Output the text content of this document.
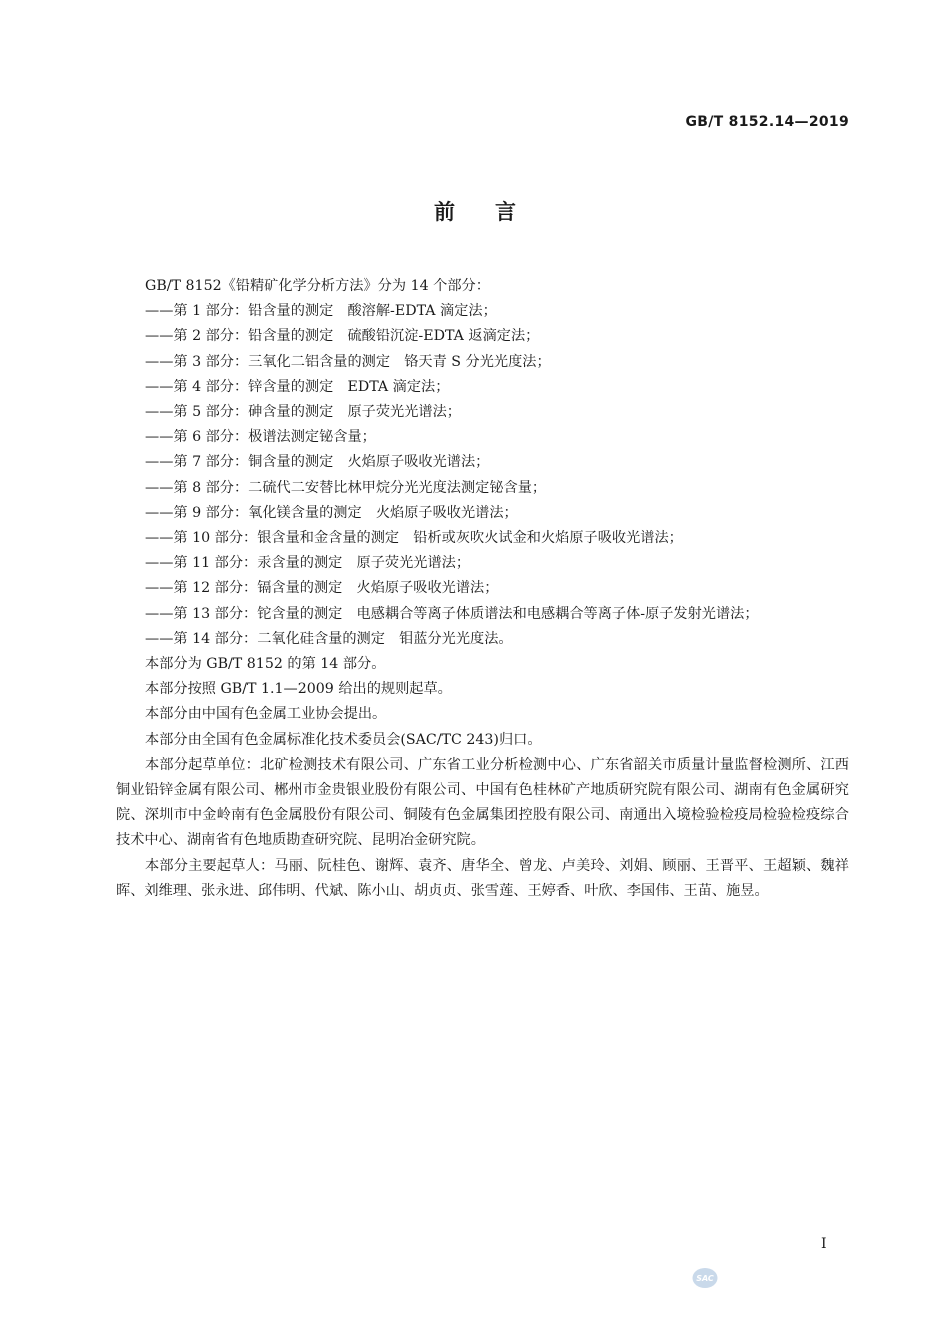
GB/T 8152.14—2019
前言

GB/T 8152《铅精矿化学分析方法》分为 14 个部分：

——第 1 部分：铅含量的测定　酸溶解-EDTA 滴定法；

——第 2 部分：铅含量的测定　硫酸铅沉淀-EDTA 返滴定法；

——第 3 部分：三氧化二铝含量的测定　铬天青 S 分光光度法；

——第 4 部分：锌含量的测定　EDTA 滴定法；

——第 5 部分：砷含量的测定　原子荧光光谱法；

——第 6 部分：极谱法测定铋含量；

——第 7 部分：铜含量的测定　火焰原子吸收光谱法；

——第 8 部分：二硫代二安替比林甲烷分光光度法测定铋含量；

——第 9 部分：氧化镁含量的测定　火焰原子吸收光谱法；

——第 10 部分：银含量和金含量的测定　铅析或灰吹火试金和火焰原子吸收光谱法；

——第 11 部分：汞含量的测定　原子荧光光谱法；

——第 12 部分：镉含量的测定　火焰原子吸收光谱法；

——第 13 部分：铊含量的测定　电感耦合等离子体质谱法和电感耦合等离子体-原子发射光谱法；

——第 14 部分：二氧化硅含量的测定　钼蓝分光光度法。

本部分为 GB/T 8152 的第 14 部分。

本部分按照 GB/T 1.1—2009 给出的规则起草。

本部分由中国有色金属工业协会提出。

本部分由全国有色金属标准化技术委员会(SAC/TC 243)归口。

本部分起草单位：北矿检测技术有限公司、广东省工业分析检测中心、广东省韶关市质量计量监督检测所、江西铜业铅锌金属有限公司、郴州市金贵银业股份有限公司、中国有色桂林矿产地质研究院有限公司、湖南有色金属研究院、深圳市中金岭南有色金属股份有限公司、铜陵有色金属集团控股有限公司、南通出入境检验检疫局检验检疫综合技术中心、湖南省有色地质勘查研究院、昆明冶金研究院。

本部分主要起草人：马丽、阮桂色、谢辉、袁齐、唐华全、曾龙、卢美玲、刘娟、顾丽、王晋平、王超颖、魏祥晖、刘维理、张永进、邱伟明、代斌、陈小山、胡贞贞、张雪莲、王婷香、叶欣、李国伟、王苗、施昱。

I
SAC
